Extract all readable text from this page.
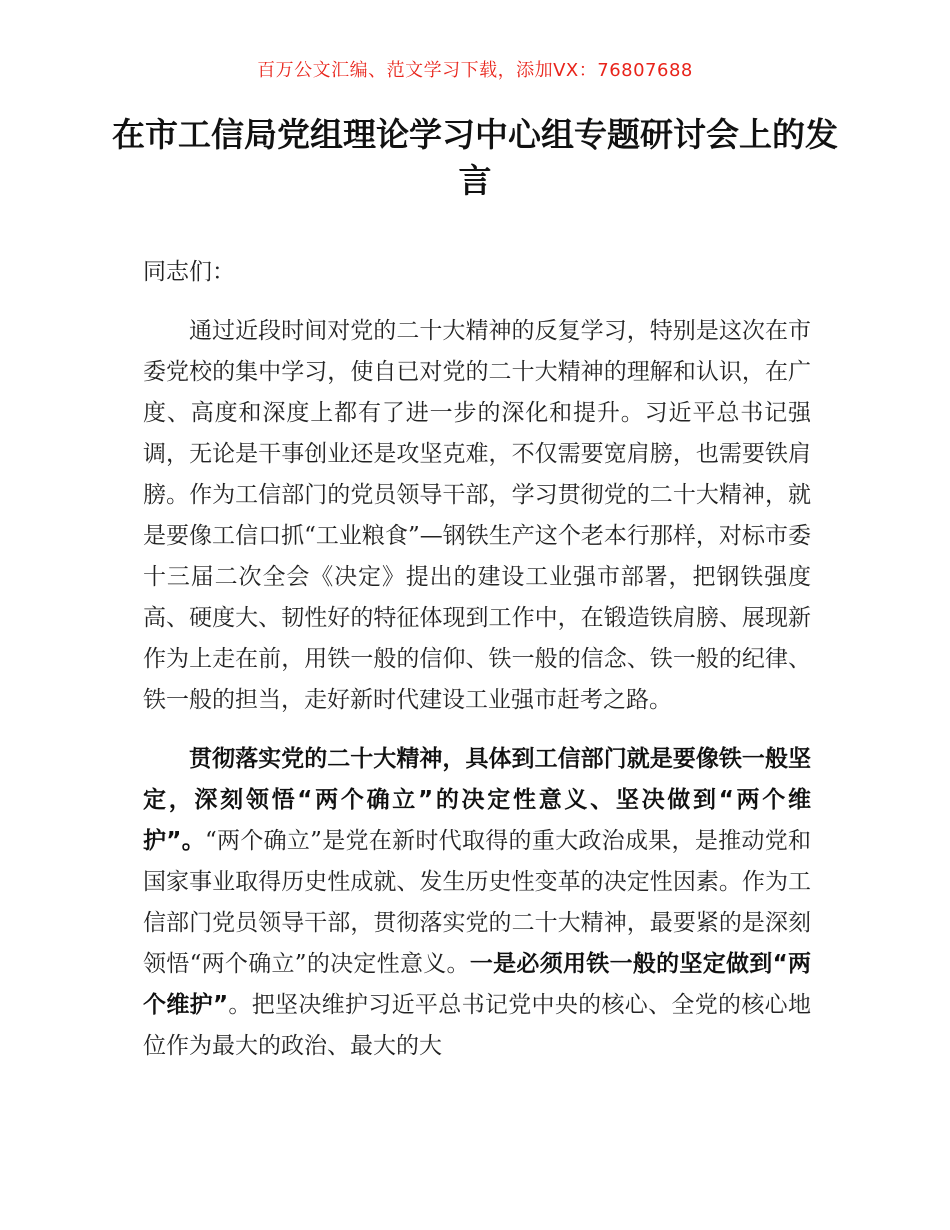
百万公文汇编、范文学习下载，添加VX：76807688
在市工信局党组理论学习中心组专题研讨会上的发言
同志们：

通过近段时间对党的二十大精神的反复学习，特别是这次在市委党校的集中学习，使自已对党的二十大精神的理解和认识，在广度、高度和深度上都有了进一步的深化和提升。习近平总书记强调，无论是干事创业还是攻坚克难，不仅需要宽肩膀，也需要铁肩膀。作为工信部门的党员领导干部，学习贯彻党的二十大精神，就是要像工信口抓“工业粮食”—钢铁生产这个老本行那样，对标市委十三届二次全会《决定》提出的建设工业强市部署，把钢铁强度高、硬度大、韧性好的特征体现到工作中，在锻造铁肩膀、展现新作为上走在前，用铁一般的信仰、铁一般的信念、铁一般的纪律、铁一般的担当，走好新时代建设工业强市赶考之路。

贯彻落实党的二十大精神，具体到工信部门就是要像铁一般坚定，深刻领悟“两个确立”的决定性意义、坚决做到“两个维护”。“两个确立”是党在新时代取得的重大政治成果，是推动党和国家事业取得历史性成就、发生历史性变革的决定性因素。作为工信部门党员领导干部，贯彻落实党的二十大精神，最要紧的是深刻领悟“两个确立”的决定性意义。一是必须用铁一般的坚定做到“两个维护”。把坚决维护习近平总书记党中央的核心、全党的核心地位作为最大的政治、最大的大
